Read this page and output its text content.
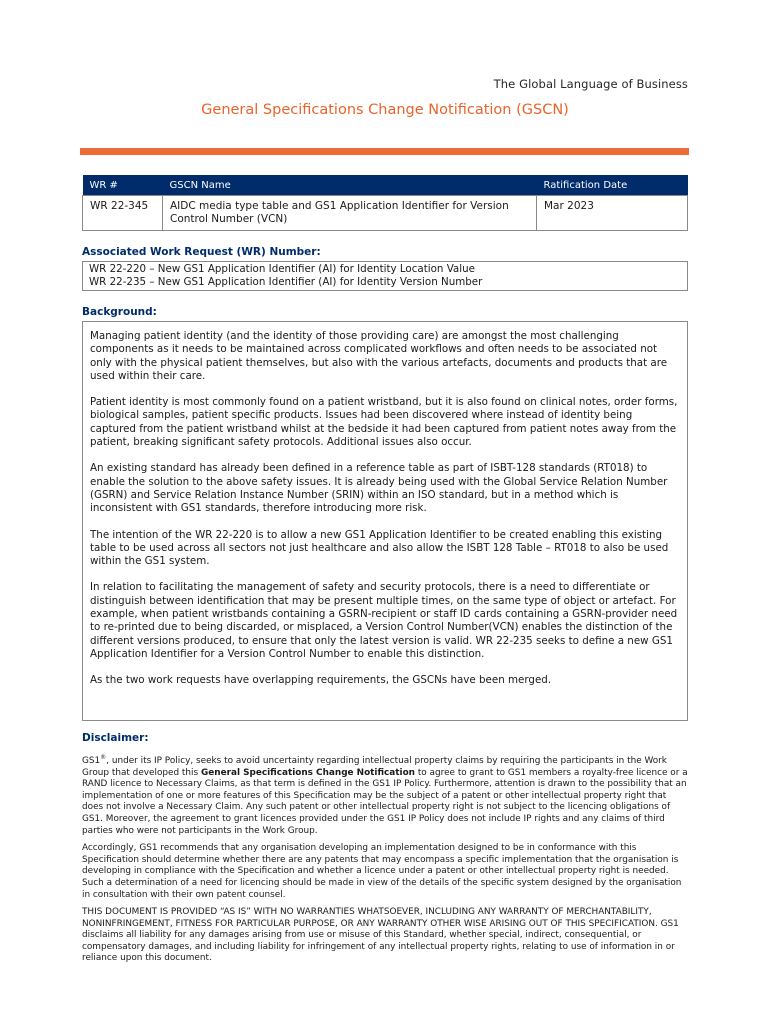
The Global Language of Business
General Specifications Change Notification (GSCN)
WR #	GSCN Name	Ratification Date
WR 22-345	AIDC media type table and GS1 Application Identifier for Version Control Number (VCN)	Mar 2023
Associated Work Request (WR) Number:
WR 22-220 – New GS1 Application Identifier (AI) for Identity Location Value
WR 22-235 – New GS1 Application Identifier (AI) for Identity Version Number
Background:

Managing patient identity (and the identity of those providing care) are amongst the most challenging components as it needs to be maintained across complicated workflows and often needs to be associated not only with the physical patient themselves, but also with the various artefacts, documents and products that are used within their care.

Patient identity is most commonly found on a patient wristband, but it is also found on clinical notes, order forms, biological samples, patient specific products. Issues had been discovered where instead of identity being captured from the patient wristband whilst at the bedside it had been captured from patient notes away from the patient, breaking significant safety protocols. Additional issues also occur.

An existing standard has already been defined in a reference table as part of ISBT-128 standards (RT018) to enable the solution to the above safety issues. It is already being used with the Global Service Relation Number (GSRN) and Service Relation Instance Number (SRIN) within an ISO standard, but in a method which is inconsistent with GS1 standards, therefore introducing more risk.

The intention of the WR 22-220 is to allow a new GS1 Application Identifier to be created enabling this existing table to be used across all sectors not just healthcare and also allow the ISBT 128 Table – RT018 to also be used within the GS1 system.

In relation to facilitating the management of safety and security protocols, there is a need to differentiate or distinguish between identification that may be present multiple times, on the same type of object or artefact. For example, when patient wristbands containing a GSRN-recipient or staff ID cards containing a GSRN-provider need to re-printed due to being discarded, or misplaced, a Version Control Number(VCN) enables the distinction of the different versions produced, to ensure that only the latest version is valid. WR 22-235 seeks to define a new GS1 Application Identifier for a Version Control Number to enable this distinction.

As the two work requests have overlapping requirements, the GSCNs have been merged.

Disclaimer:

GS1®, under its IP Policy, seeks to avoid uncertainty regarding intellectual property claims by requiring the participants in the Work Group that developed this General Specifications Change Notification to agree to grant to GS1 members a royalty-free licence or a RAND licence to Necessary Claims, as that term is defined in the GS1 IP Policy. Furthermore, attention is drawn to the possibility that an implementation of one or more features of this Specification may be the subject of a patent or other intellectual property right that does not involve a Necessary Claim. Any such patent or other intellectual property right is not subject to the licencing obligations of GS1. Moreover, the agreement to grant licences provided under the GS1 IP Policy does not include IP rights and any claims of third parties who were not participants in the Work Group.

Accordingly, GS1 recommends that any organisation developing an implementation designed to be in conformance with this Specification should determine whether there are any patents that may encompass a specific implementation that the organisation is developing in compliance with the Specification and whether a licence under a patent or other intellectual property right is needed. Such a determination of a need for licencing should be made in view of the details of the specific system designed by the organisation in consultation with their own patent counsel.

THIS DOCUMENT IS PROVIDED “AS IS” WITH NO WARRANTIES WHATSOEVER, INCLUDING ANY WARRANTY OF MERCHANTABILITY, NONINFRINGEMENT, FITNESS FOR PARTICULAR PURPOSE, OR ANY WARRANTY OTHER WISE ARISING OUT OF THIS SPECIFICATION. GS1 disclaims all liability for any damages arising from use or misuse of this Standard, whether special, indirect, consequential, or compensatory damages, and including liability for infringement of any intellectual property rights, relating to use of information in or reliance upon this document.
